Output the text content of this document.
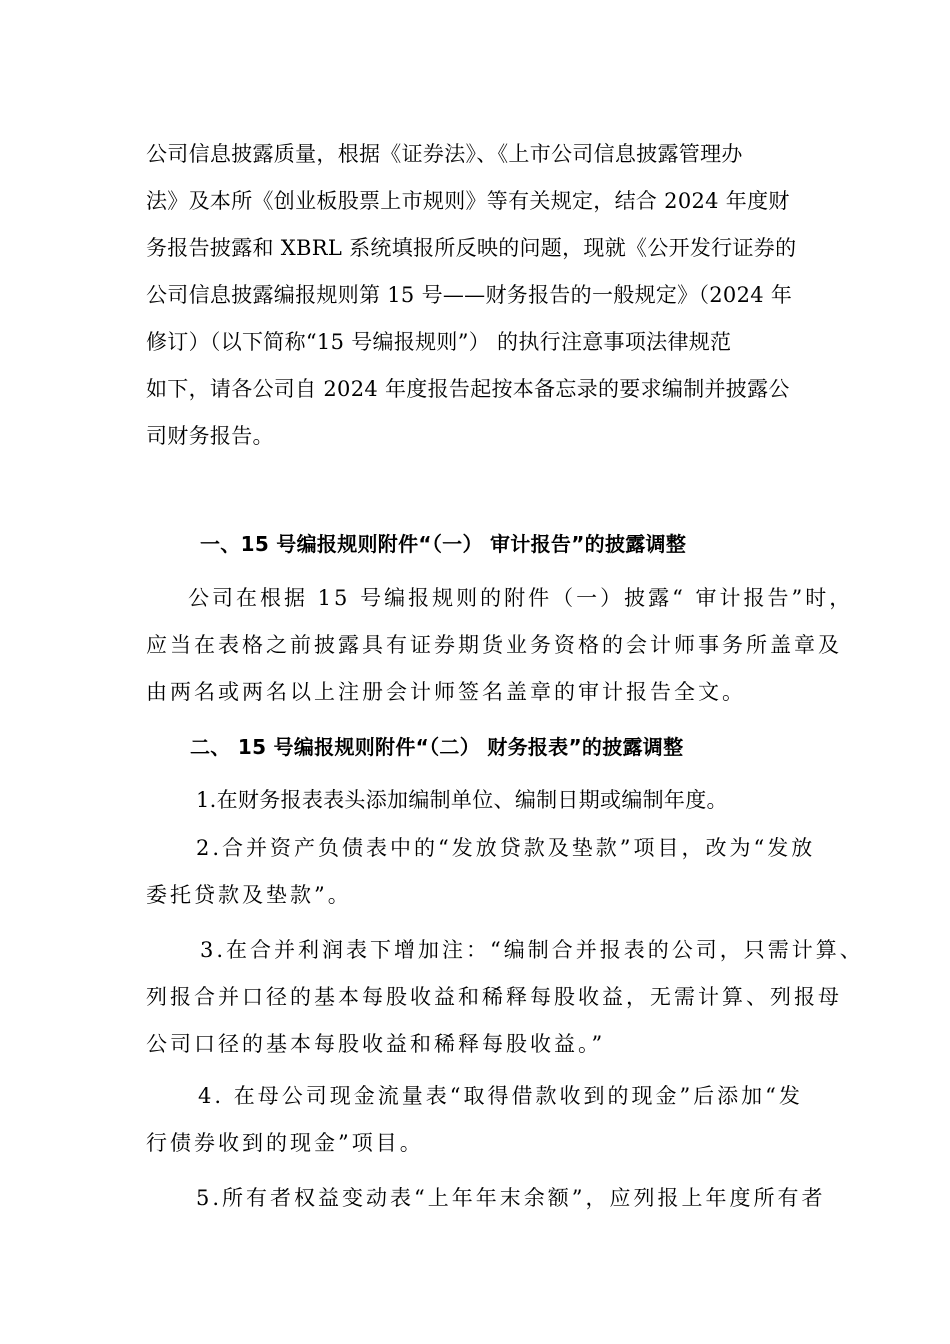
公司信息披露质量，根据《证券法》、《上市公司信息披露管理办
法》及本所《创业板股票上市规则》等有关规定，结合 2024 年度财
务报告披露和 XBRL 系统填报所反映的问题，现就《公开发行证券的
公司信息披露编报规则第 15 号——财务报告的一般规定》（2024 年
修订）（以下简称“15 号编报规则”） 的执行注意事项法律规范
如下，请各公司自 2024 年度报告起按本备忘录的要求编制并披露公
司财务报告。
一、15 号编报规则附件“（一） 审计报告”的披露调整
公司在根据 15 号编报规则的附件（一）披露“ 审计报告”时，
应当在表格之前披露具有证券期货业务资格的会计师事务所盖章及
由两名或两名以上注册会计师签名盖章的审计报告全文。
二、 15 号编报规则附件“（二） 财务报表”的披露调整
1.在财务报表表头添加编制单位、编制日期或编制年度。
2.合并资产负债表中的“发放贷款及垫款”项目，改为“发放
委托贷款及垫款”。
3.在合并利润表下增加注：“编制合并报表的公司，只需计算、
列报合并口径的基本每股收益和稀释每股收益，无需计算、列报母
公司口径的基本每股收益和稀释每股收益。”
4. 在母公司现金流量表“取得借款收到的现金”后添加“发
行债券收到的现金”项目。
5.所有者权益变动表“上年年末余额”，应列报上年度所有者
